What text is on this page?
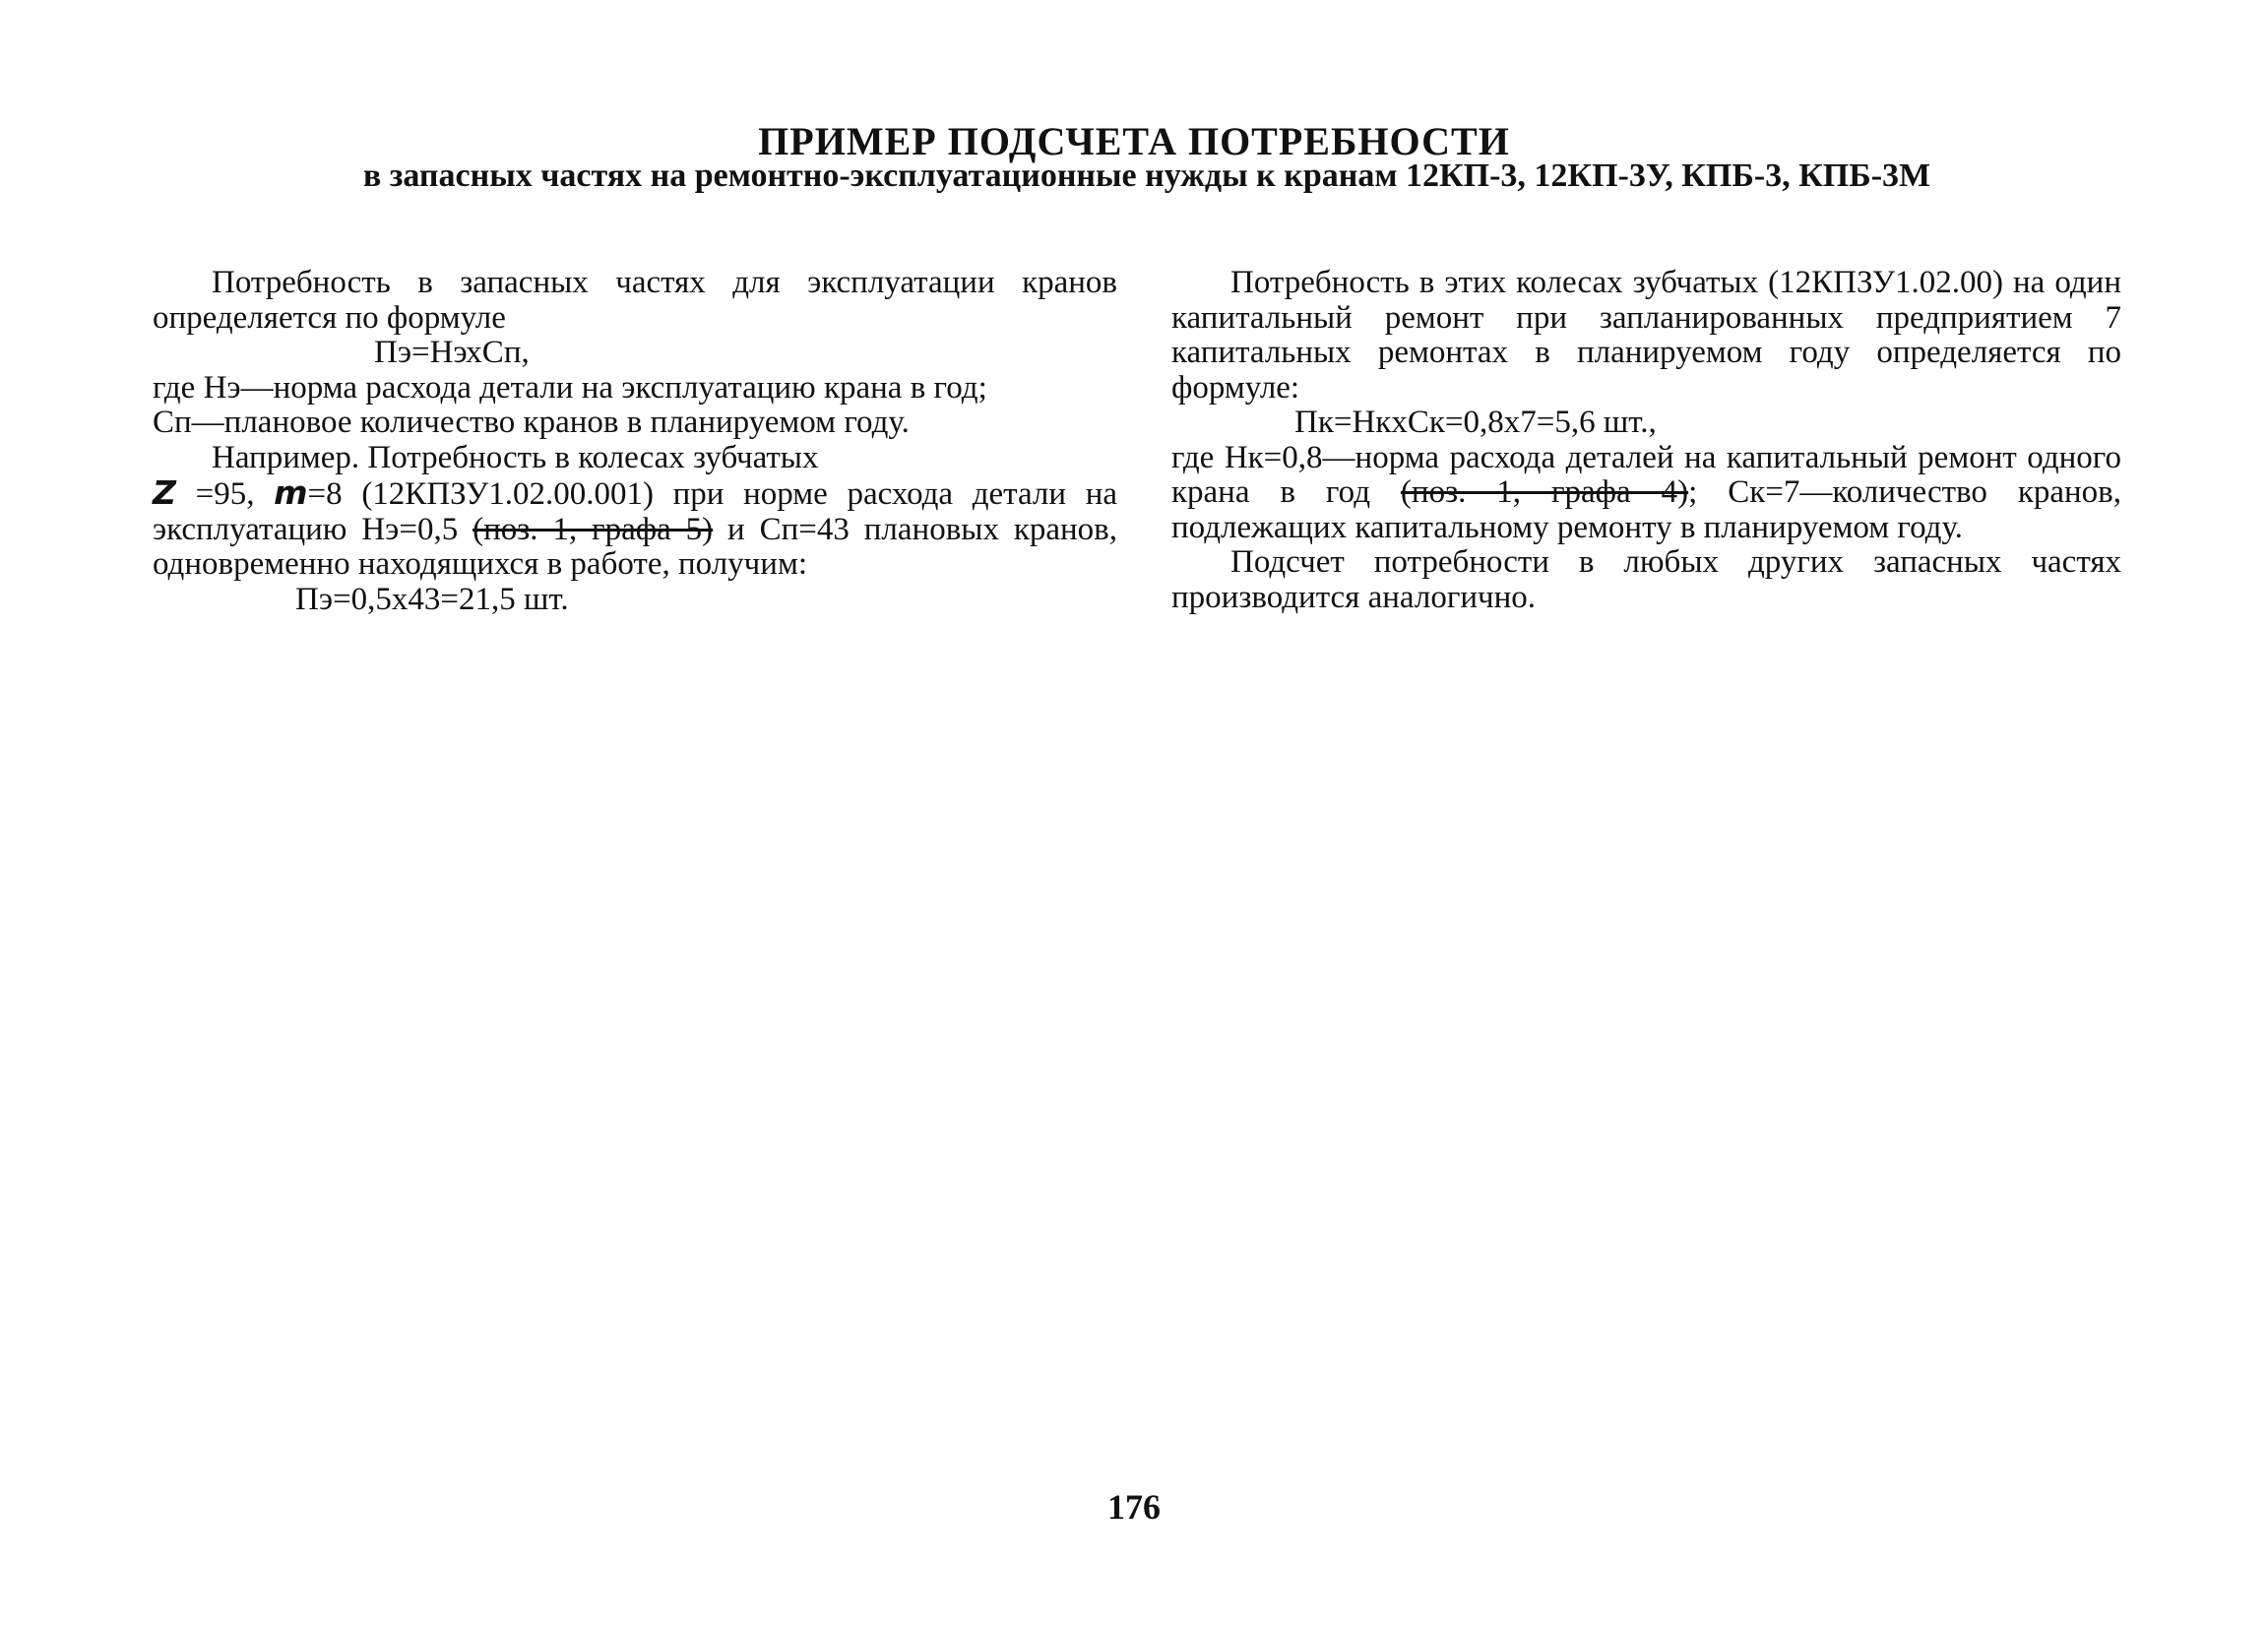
ПРИМЕР ПОДСЧЕТА ПОТРЕБНОСТИ
в запасных частях на ремонтно-эксплуатационные нужды к кранам 12КП-3, 12КП-3У, КПБ-3, КПБ-3М

Потребность в запасных частях для эксплуатации кранов определяется по формуле

Пэ=НэхСп,

где Нэ—норма расхода детали на эксплуатацию крана в год;

Сп—плановое количество кранов в планируемом году.

Например. Потребность в колесах зубчатых
Z =95, m=8 (12КПЗУ1.02.00.001) при норме расхода детали на эксплуатацию Нэ=0,5 (поз. 1, графа 5) и Сп=43 плановых кранов, одновременно находящихся в работе, получим:

Пэ=0,5х43=21,5 шт.

Потребность в этих колесах зубчатых (12КПЗУ1.02.00) на один капитальный ремонт при запланированных предприятием 7 капитальных ремонтах в планируемом году определяется по формуле:

Пк=НкхСк=0,8х7=5,6 шт.,

где Нк=0,8—норма расхода деталей на капитальный ремонт одного крана в год (поз. 1, графа 4); Ск=7—количество кранов, подлежащих капитальному ремонту в планируемом году.

Подсчет потребности в любых других запасных частях производится аналогично.

176
